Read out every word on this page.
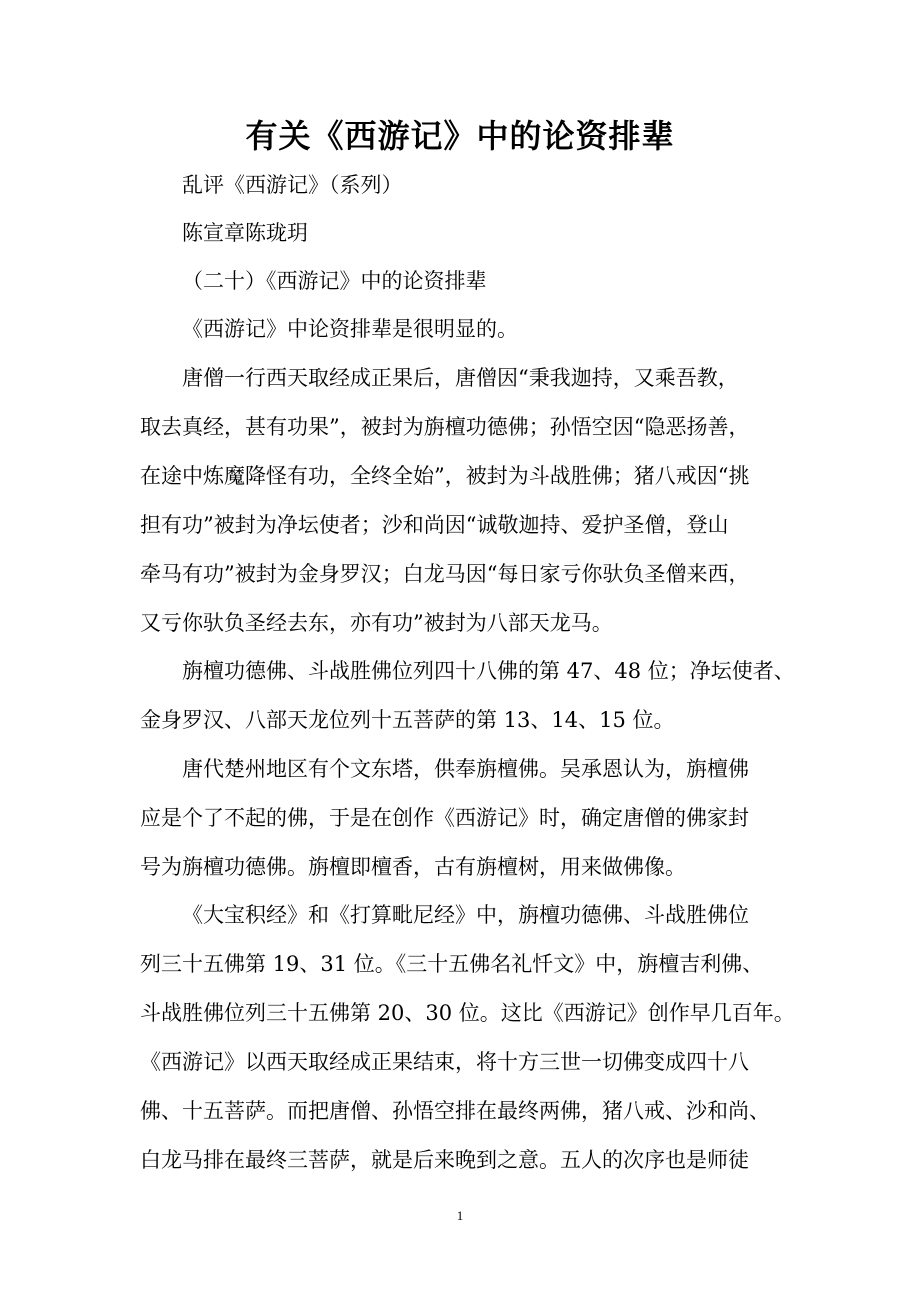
有关《西游记》中的论资排辈

乱评《西游记》（系列）

陈宣章陈珑玥

（二十）《西游记》中的论资排辈

《西游记》中论资排辈是很明显的。

唐僧一行西天取经成正果后，唐僧因“秉我迦持，又乘吾教，

取去真经，甚有功果”，被封为旃檀功德佛；孙悟空因“隐恶扬善，

在途中炼魔降怪有功，全终全始”，被封为斗战胜佛；猪八戒因“挑

担有功”被封为净坛使者；沙和尚因“诚敬迦持、爱护圣僧，登山

牵马有功”被封为金身罗汉；白龙马因“每日家亏你驮负圣僧来西，

又亏你驮负圣经去东，亦有功”被封为八部天龙马。

旃檀功德佛、斗战胜佛位列四十八佛的第 47、48 位；净坛使者、

金身罗汉、八部天龙位列十五菩萨的第 13、14、15 位。

唐代楚州地区有个文东塔，供奉旃檀佛。吴承恩认为，旃檀佛

应是个了不起的佛，于是在创作《西游记》时，确定唐僧的佛家封

号为旃檀功德佛。旃檀即檀香，古有旃檀树，用来做佛像。

《大宝积经》和《打算毗尼经》中，旃檀功德佛、斗战胜佛位

列三十五佛第 19、31 位。《三十五佛名礼忏文》中，旃檀吉利佛、

斗战胜佛位列三十五佛第 20、30 位。这比《西游记》创作早几百年。

《西游记》以西天取经成正果结束，将十方三世一切佛变成四十八

佛、十五菩萨。而把唐僧、孙悟空排在最终两佛，猪八戒、沙和尚、

白龙马排在最终三菩萨，就是后来晚到之意。五人的次序也是师徒

1
